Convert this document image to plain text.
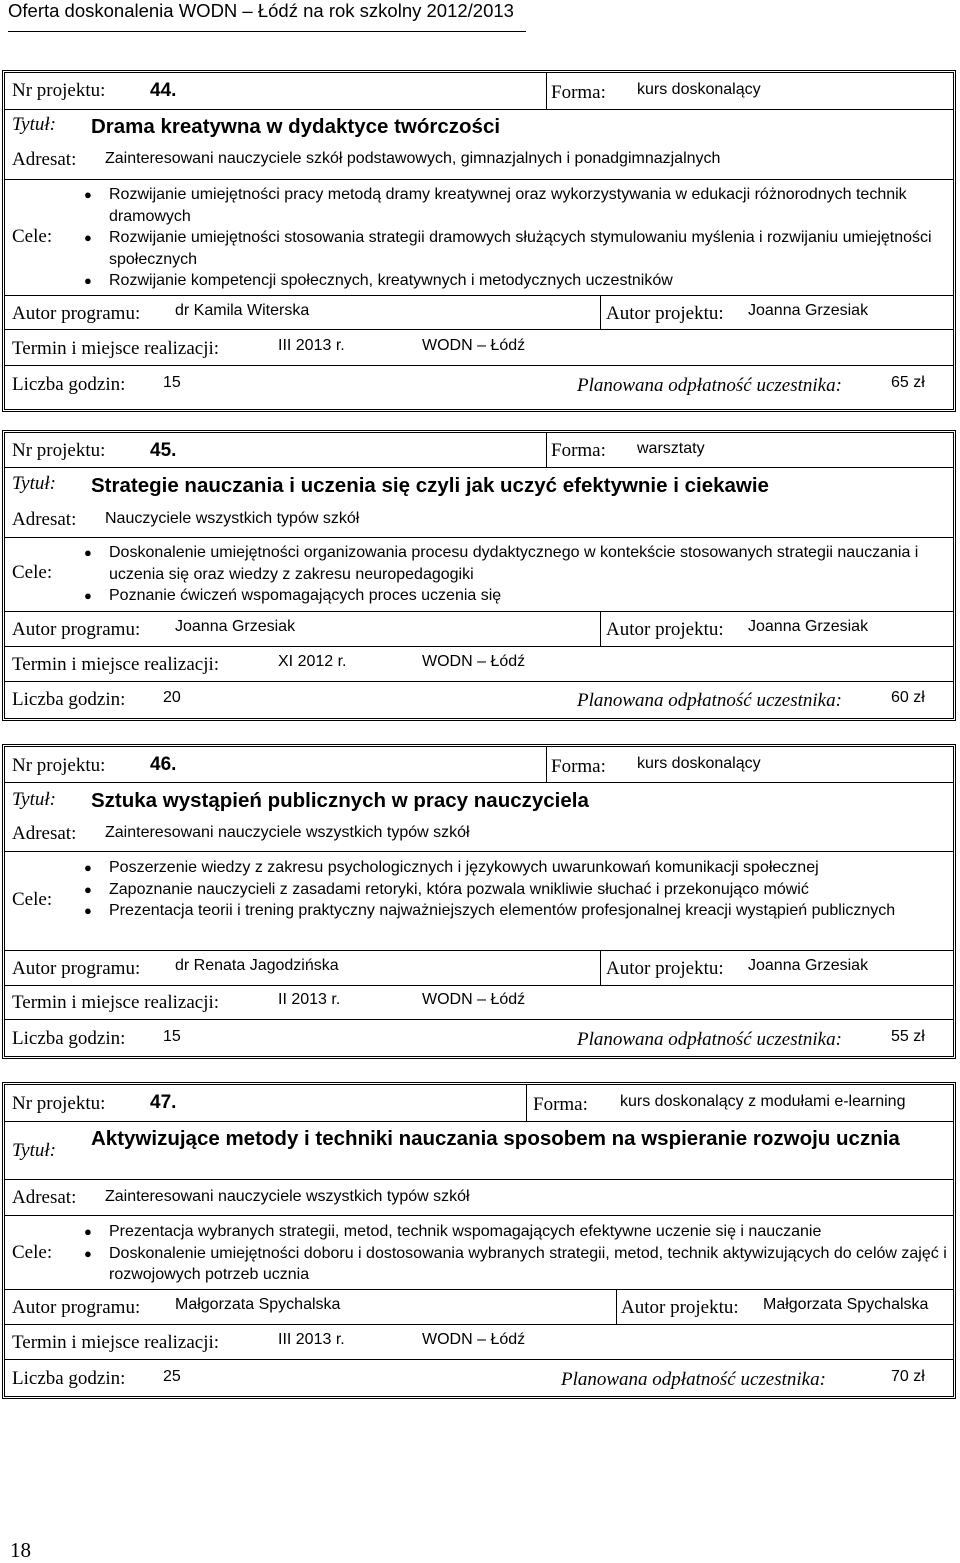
Oferta doskonalenia WODN – Łódź na rok szkolny 2012/2013
Nr projektu: 44.	Forma: kurs doskonalący
Tytuł: Drama kreatywna w dydaktyce twórczości
Adresat: Zainteresowani nauczyciele szkół podstawowych, gimnazjalnych i ponadgimnazjalnych
Cele:
● Rozwijanie umiejętności pracy metodą dramy kreatywnej oraz wykorzystywania w edukacji różnorodnych technik dramowych
● Rozwijanie umiejętności stosowania strategii dramowych służących stymulowaniu myślenia i rozwijaniu umiejętności społecznych
● Rozwijanie kompetencji społecznych, kreatywnych i metodycznych uczestników
Autor programu: dr Kamila Witerska	Autor projektu: Joanna Grzesiak
Termin i miejsce realizacji:	III 2013 r.	WODN – Łódź
Liczba godzin: 15	Planowana odpłatność uczestnika:	65 zł
Nr projektu: 45.	Forma: warsztaty
Tytuł: Strategie nauczania i uczenia się czyli jak uczyć efektywnie i ciekawie
Adresat: Nauczyciele wszystkich typów szkół
Cele:
● Doskonalenie umiejętności organizowania procesu dydaktycznego w kontekście stosowanych strategii nauczania i uczenia się oraz wiedzy z zakresu neuropedagogiki
● Poznanie ćwiczeń wspomagających proces uczenia się
Autor programu: Joanna Grzesiak	Autor projektu: Joanna Grzesiak
Termin i miejsce realizacji:	XI 2012 r.	WODN – Łódź
Liczba godzin: 20	Planowana odpłatność uczestnika:	60 zł
Nr projektu: 46.	Forma: kurs doskonalący
Tytuł: Sztuka wystąpień publicznych w pracy nauczyciela
Adresat: Zainteresowani nauczyciele wszystkich typów szkół
Cele:
● Poszerzenie wiedzy z zakresu psychologicznych i językowych uwarunkowań komunikacji społecznej
● Zapoznanie nauczycieli z zasadami retoryki, która pozwala wnikliwie słuchać i przekonująco mówić
● Prezentacja teorii i trening praktyczny najważniejszych elementów profesjonalnej kreacji wystąpień publicznych
Autor programu: dr Renata Jagodzińska	Autor projektu: Joanna Grzesiak
Termin i miejsce realizacji:	II 2013 r.	WODN – Łódź
Liczba godzin: 15	Planowana odpłatność uczestnika:	55 zł
Nr projektu: 47.	Forma: kurs doskonalący z modułami e-learning
Tytuł:
Aktywizujące metody i techniki nauczania sposobem na wspieranie rozwoju ucznia
Adresat: Zainteresowani nauczyciele wszystkich typów szkół
Cele:
● Prezentacja wybranych strategii, metod, technik wspomagających efektywne uczenie się i nauczanie
● Doskonalenie umiejętności doboru i dostosowania wybranych strategii, metod, technik aktywizujących do celów zajęć i rozwojowych potrzeb ucznia
Autor programu: Małgorzata Spychalska	Autor projektu: Małgorzata Spychalska
Termin i miejsce realizacji:	III 2013 r.	WODN – Łódź
Liczba godzin: 25	Planowana odpłatność uczestnika:	70 zł
18
